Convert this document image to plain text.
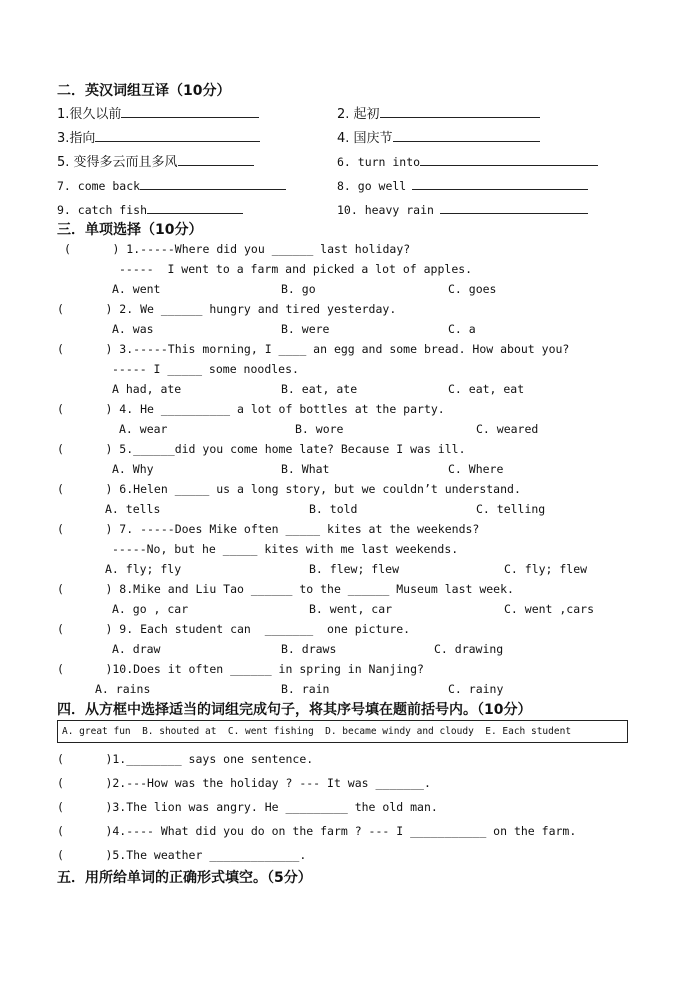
二．英汉词组互译（10分）
1.很久以前	2. 起初
3.指向	4. 国庆节
5. 变得多云而且多风	6. turn into
7. come back	8. go well
9. catch fish	10. heavy rain
三．单项选择（10分）
(      ) 1.-----Where did you ______ last holiday?
-----  I went to a farm and picked a lot of apples.
A. went	B. go	C. goes
(      ) 2. We ______ hungry and tired yesterday.
A. was	B. were	C. a
(      ) 3.-----This morning, I ____ an egg and some bread. How about you?
----- I _____ some noodles.
A had, ate	B. eat, ate	C. eat, eat
(      ) 4. He __________ a lot of bottles at the party.
A. wear	B. wore	C. weared
(      ) 5.______did you come home late? Because I was ill.
A. Why	B. What	C. Where
(      ) 6.Helen _____ us a long story, but we couldn’t understand.
A. tells	B. told	C. telling
(      ) 7. -----Does Mike often _____ kites at the weekends?
-----No, but he _____ kites with me last weekends.
A. fly; fly	B. flew; flew	C. fly; flew
(      ) 8.Mike and Liu Tao ______ to the ______ Museum last week.
A. go , car	B. went, car	C. went ,cars
(      ) 9. Each student can  _______  one picture.
A. draw	B. draws	C. drawing
(      )10.Does it often ______ in spring in Nanjing?
A. rains	B. rain	C. rainy
四．从方框中选择适当的词组完成句子，将其序号填在题前括号内。（10分）
A. great fun  B. shouted at  C. went fishing  D. became windy and cloudy  E. Each student
(      )1.________ says one sentence.
(      )2.---How was the holiday ? --- It was _______.
(      )3.The lion was angry. He _________ the old man.
(      )4.---- What did you do on the farm ? --- I ___________ on the farm.
(      )5.The weather _____________.
五．用所给单词的正确形式填空。（5分）
